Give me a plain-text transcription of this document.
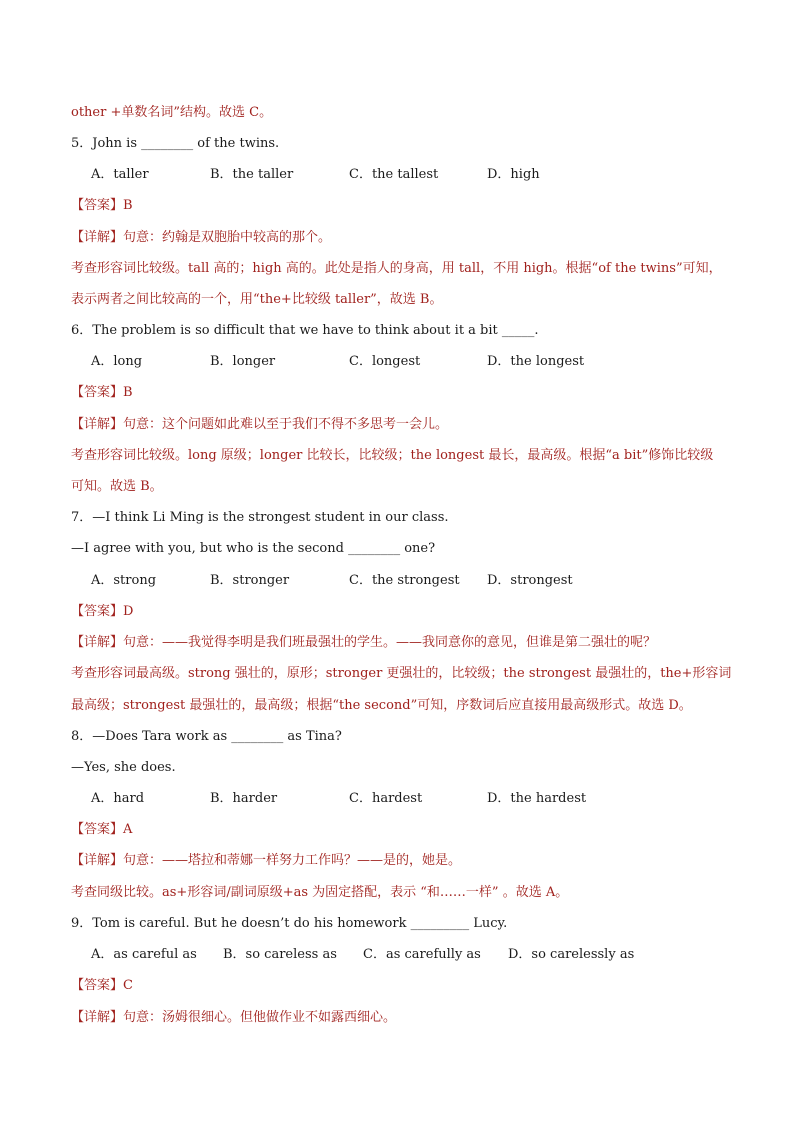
other +单数名词”结构。故选 C。
5．John is ________ of the twins.
A．taller	B．the taller	C．the tallest	D．high
【答案】B
【详解】句意：约翰是双胞胎中较高的那个。
考查形容词比较级。tall 高的；high 高的。此处是指人的身高，用 tall，不用 high。根据“of the twins”可知，
表示两者之间比较高的一个，用“the+比较级 taller”，故选 B。
6．The problem is so difficult that we have to think about it a bit _____.
A．long	B．longer	C．longest	D．the longest
【答案】B
【详解】句意：这个问题如此难以至于我们不得不多思考一会儿。
考查形容词比较级。long 原级；longer 比较长，比较级；the longest 最长，最高级。根据“a bit”修饰比较级
可知。故选 B。
7．—I think Li Ming is the strongest student in our class.
—I agree with you, but who is the second ________ one?
A．strong	B．stronger	C．the strongest D．strongest
【答案】D
【详解】句意：——我觉得李明是我们班最强壮的学生。——我同意你的意见，但谁是第二强壮的呢？
考查形容词最高级。strong 强壮的，原形；stronger 更强壮的，比较级；the strongest 最强壮的，the+形容词
最高级；strongest 最强壮的，最高级；根据“the second”可知，序数词后应直接用最高级形式。故选 D。
8．—Does Tara work as ________ as Tina?
—Yes, she does.
A．hard	B．harder	C．hardest	D．the hardest
【答案】A
【详解】句意：——塔拉和蒂娜一样努力工作吗？——是的，她是。
考查同级比较。as+形容词/副词原级+as 为固定搭配，表示 “和……一样” 。故选 A。
9．Tom is careful. But he doesn’t do his homework _________ Lucy.
A．as careful as B．so careless as C．as carefully as D．so carelessly as
【答案】C
【详解】句意：汤姆很细心。但他做作业不如露西细心。
